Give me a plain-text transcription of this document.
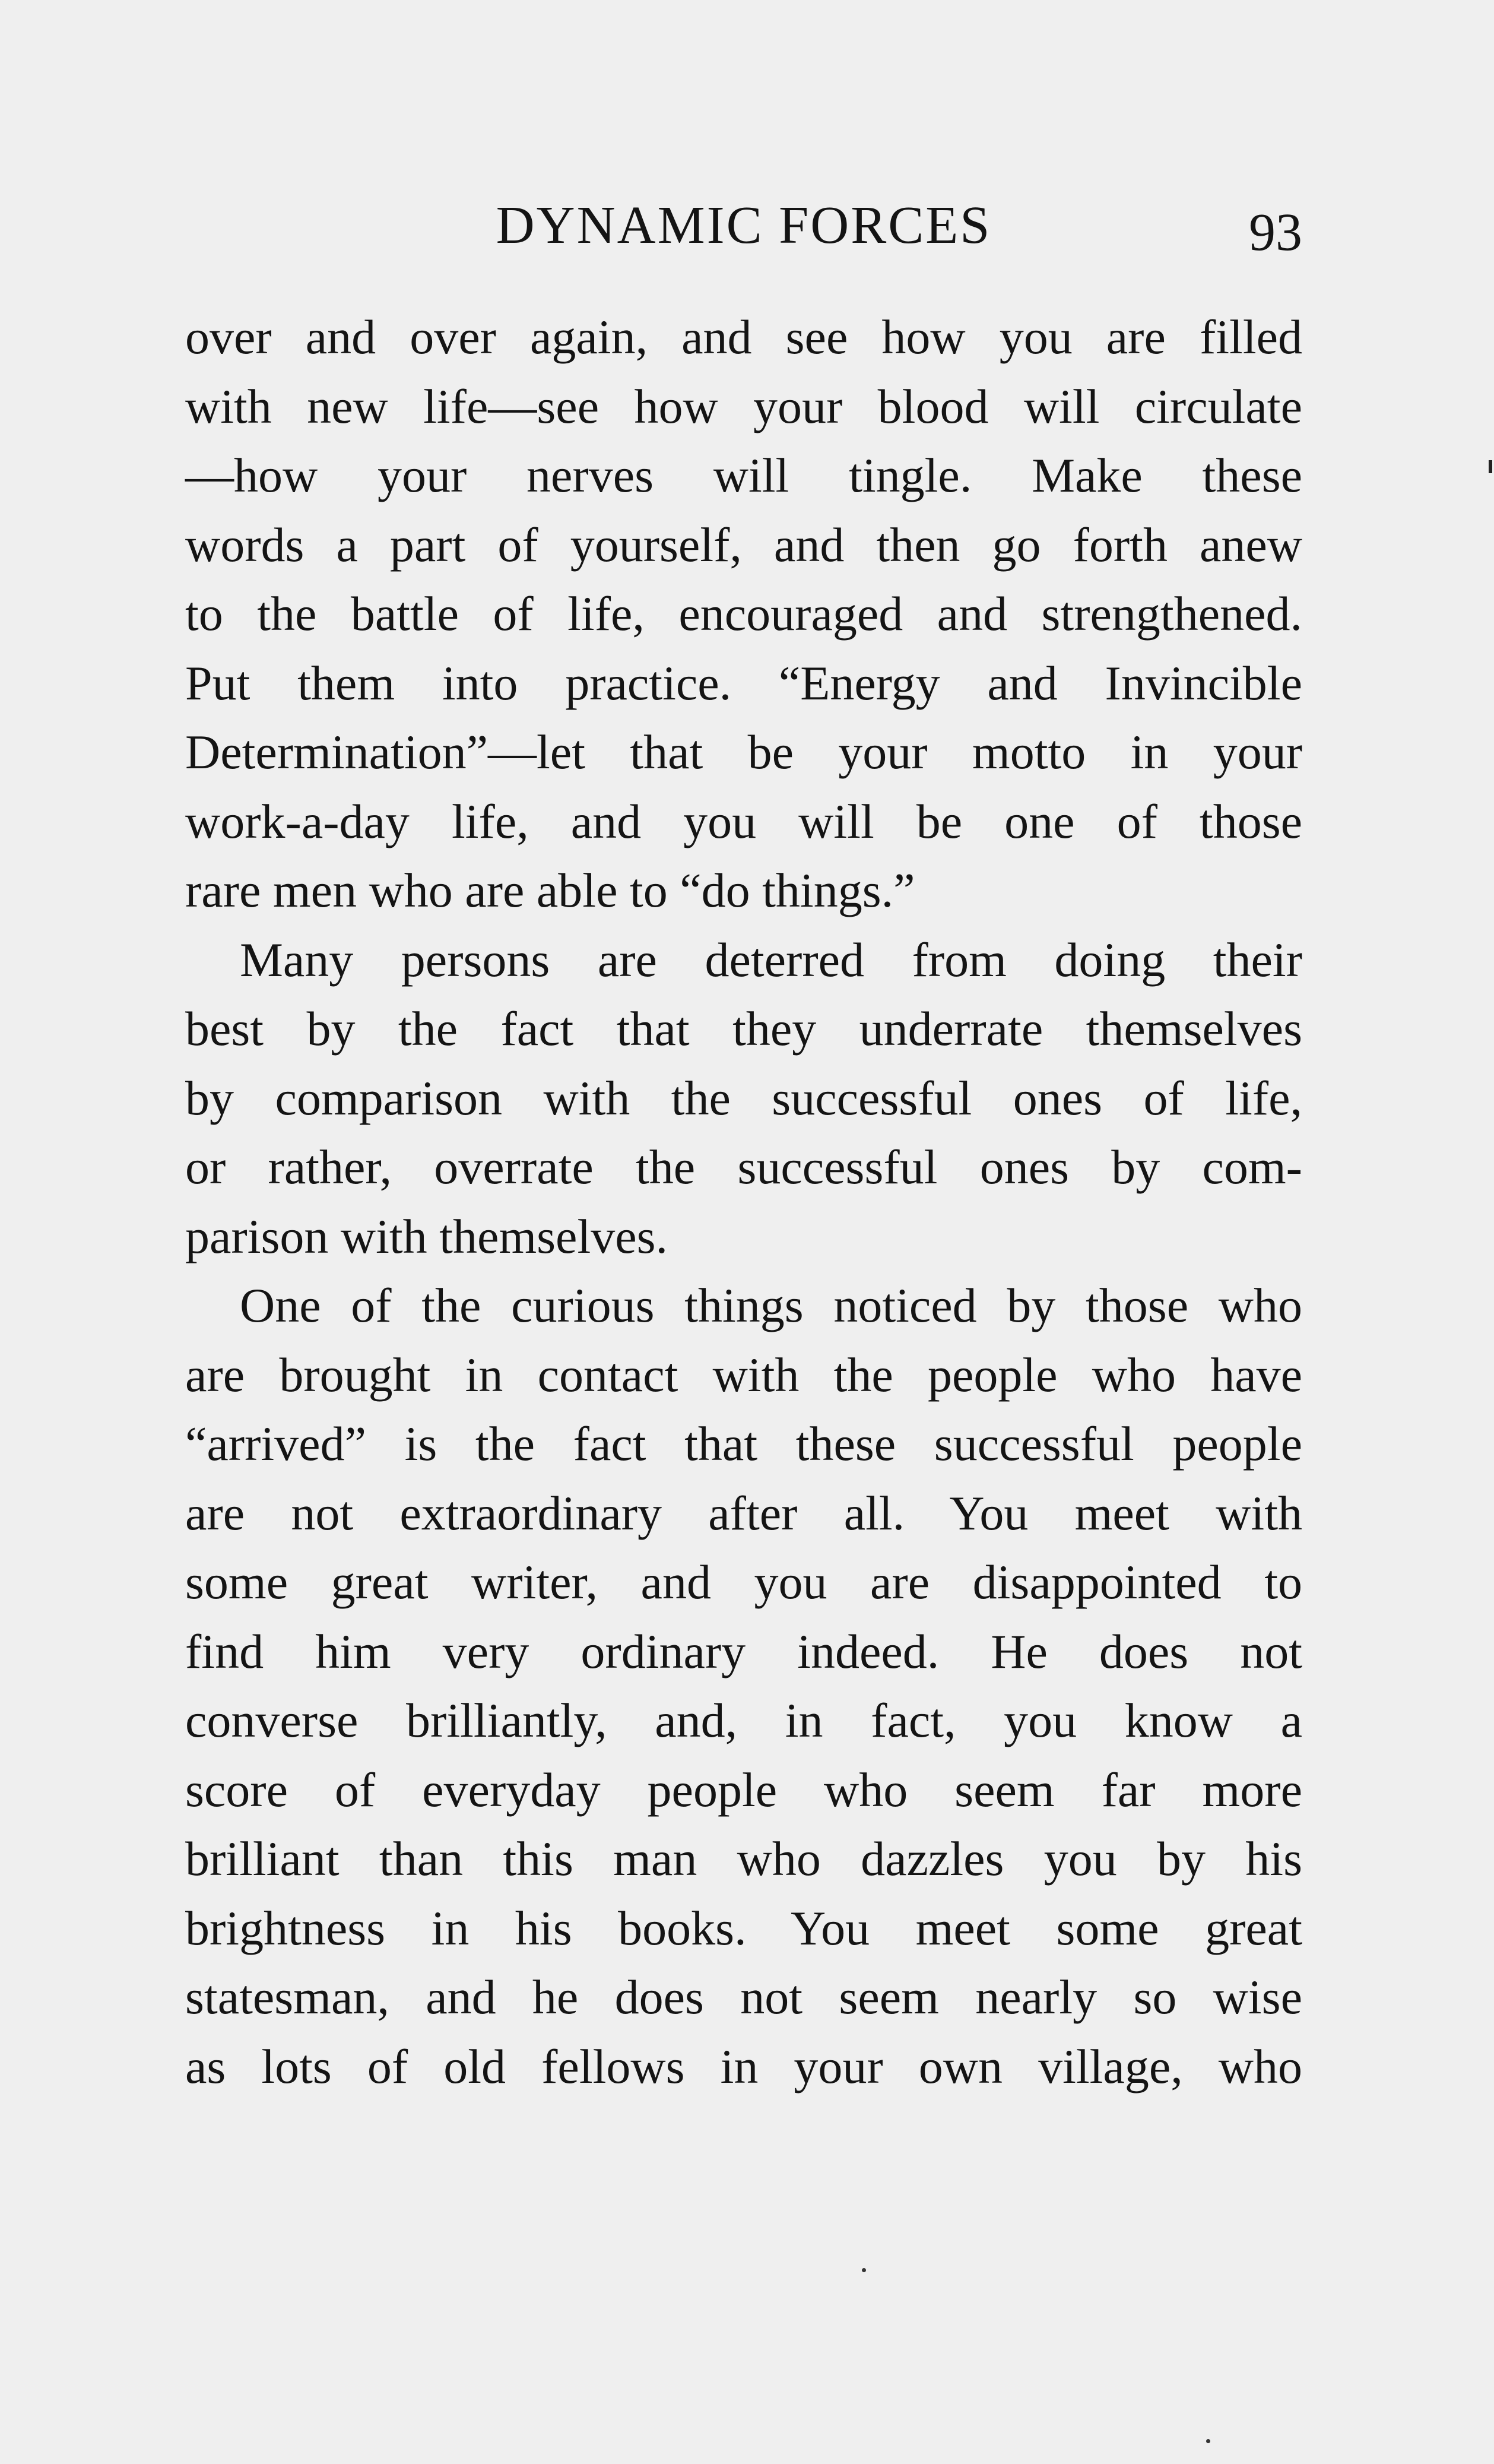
DYNAMIC FORCES	93
over and over again, and see how you are filled
with new life—see how your blood will circulate
—how your nerves will tingle. Make these
words a part of yourself, and then go forth anew
to the battle of life, encouraged and strengthened.
Put them into practice. “Energy and Invincible
Determination”—let that be your motto in your
work-a-day life, and you will be one of those
rare men who are able to “do things.”
Many persons are deterred from doing their
best by the fact that they underrate themselves
by comparison with the successful ones of life,
or rather, overrate the successful ones by com-
parison with themselves.
One of the curious things noticed by those who
are brought in contact with the people who have
“arrived” is the fact that these successful people
are not extraordinary after all. You meet with
some great writer, and you are disappointed to
find him very ordinary indeed. He does not
converse brilliantly, and, in fact, you know a
score of everyday people who seem far more
brilliant than this man who dazzles you by his
brightness in his books. You meet some great
statesman, and he does not seem nearly so wise
as lots of old fellows in your own village, who
